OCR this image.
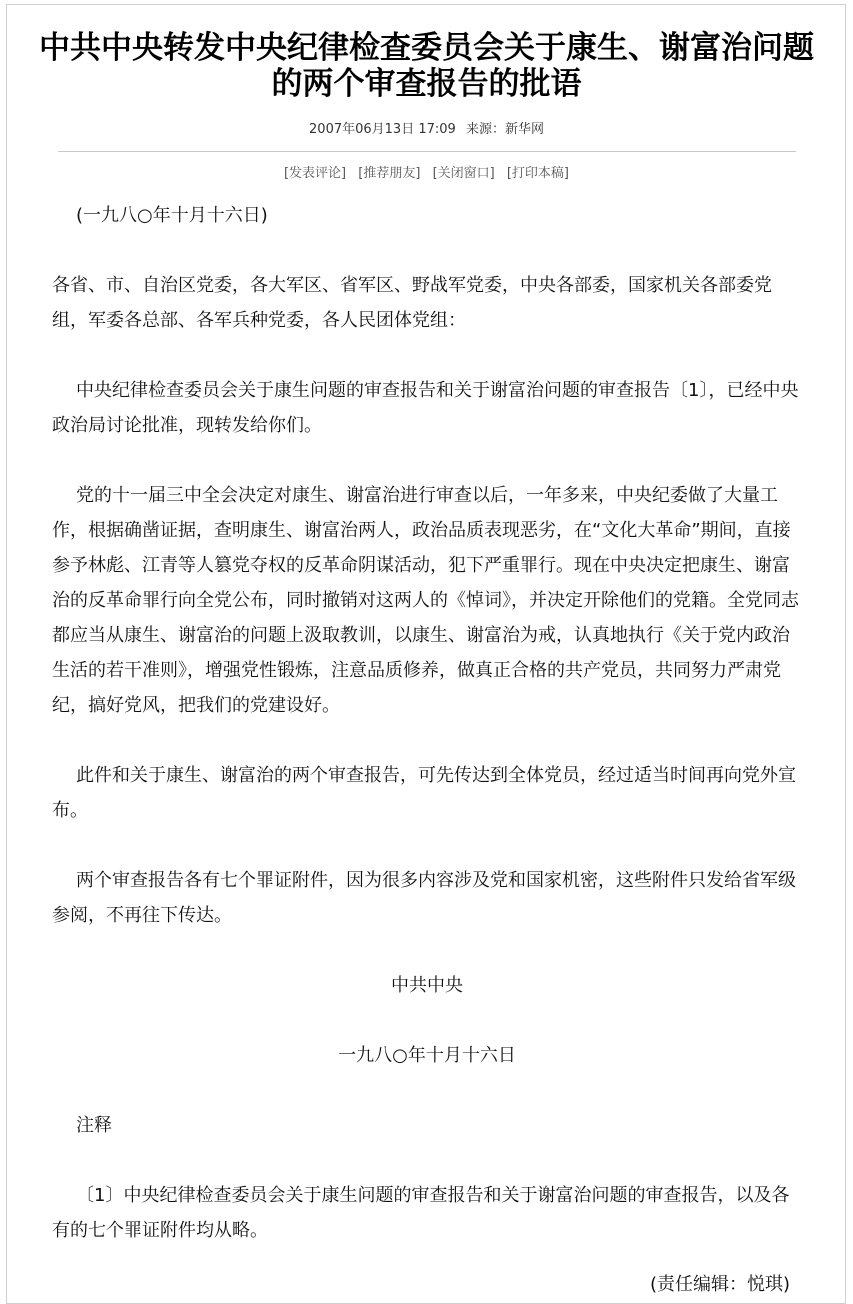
中共中央转发中央纪律检查委员会关于康生、谢富治问题
的两个审查报告的批语
2007年06月13日 17:09 来源：新华网
[发表评论] [推荐朋友] [关闭窗口] [打印本稿]

(一九八○年十月十六日)

各省、市、自治区党委，各大军区、省军区、野战军党委，中央各部委，国家机关各部委党组，军委各总部、各军兵种党委，各人民团体党组：

中央纪律检查委员会关于康生问题的审查报告和关于谢富治问题的审查报告〔1〕，已经中央政治局讨论批准，现转发给你们。

党的十一届三中全会决定对康生、谢富治进行审查以后，一年多来，中央纪委做了大量工作，根据确凿证据，查明康生、谢富治两人，政治品质表现恶劣，在“文化大革命”期间，直接参予林彪、江青等人篡党夺权的反革命阴谋活动，犯下严重罪行。现在中央决定把康生、谢富治的反革命罪行向全党公布，同时撤销对这两人的《悼词》，并决定开除他们的党籍。全党同志都应当从康生、谢富治的问题上汲取教训，以康生、谢富治为戒，认真地执行《关于党内政治生活的若干准则》，增强党性锻炼，注意品质修养，做真正合格的共产党员，共同努力严肃党纪，搞好党风，把我们的党建设好。

此件和关于康生、谢富治的两个审查报告，可先传达到全体党员，经过适当时间再向党外宣布。

两个审查报告各有七个罪证附件，因为很多内容涉及党和国家机密，这些附件只发给省军级参阅，不再往下传达。

中共中央

一九八○年十月十六日

注释

〔1〕中央纪律检查委员会关于康生问题的审查报告和关于谢富治问题的审查报告，以及各有的七个罪证附件均从略。

(责任编辑：悦琪)
